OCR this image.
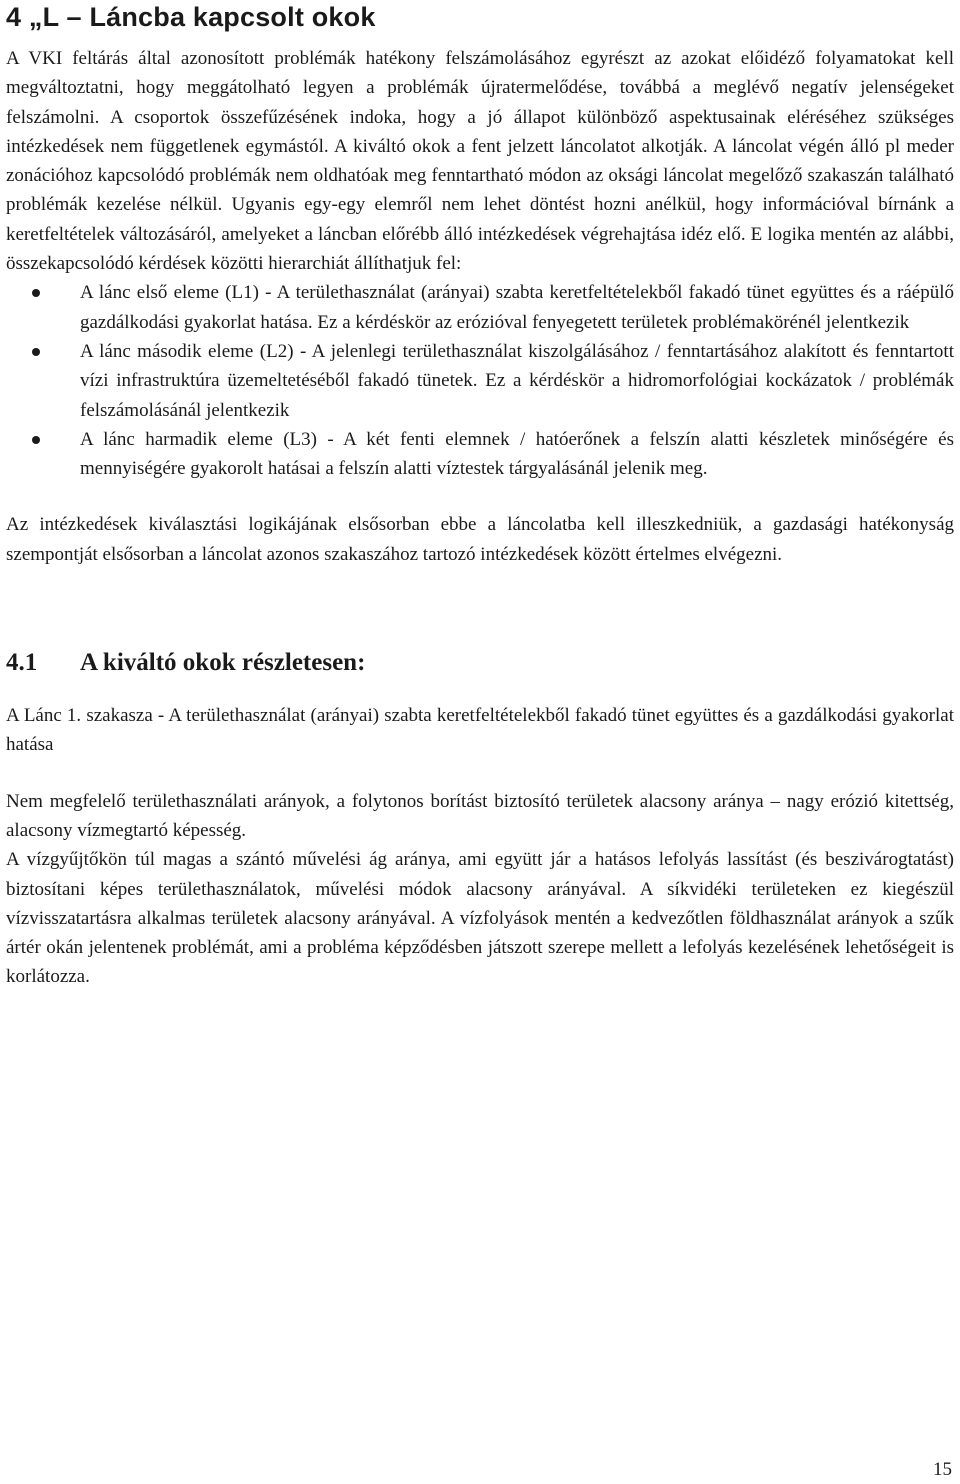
4 „L – Láncba kapcsolt okok

A VKI feltárás által azonosított problémák hatékony felszámolásához egyrészt az azokat előidéző folyamatokat kell megváltoztatni, hogy meggátolható legyen a problémák újratermelődése, továbbá a meglévő negatív jelenségeket felszámolni. A csoportok összefűzésének indoka, hogy a jó állapot különböző aspektusainak eléréséhez szükséges intézkedések nem függetlenek egymástól. A kiváltó okok a fent jelzett láncolatot alkotják. A láncolat végén álló pl meder zonációhoz kapcsolódó problémák nem oldhatóak meg fenntartható módon az oksági láncolat megelőző szakaszán található problémák kezelése nélkül. Ugyanis egy-egy elemről nem lehet döntést hozni anélkül, hogy információval bírnánk a keretfeltételek változásáról, amelyeket a láncban előrébb álló intézkedések végrehajtása idéz elő. E logika mentén az alábbi, összekapcsolódó kérdések közötti hierarchiát állíthatjuk fel:

A lánc első eleme (L1) - A területhasználat (arányai) szabta keretfeltételekből fakadó tünet együttes és a ráépülő gazdálkodási gyakorlat hatása. Ez a kérdéskör az erózióval fenyegetett területek problémakörénél jelentkezik
A lánc második eleme (L2) - A jelenlegi területhasználat kiszolgálásához / fenntartásához alakított és fenntartott vízi infrastruktúra üzemeltetéséből fakadó tünetek. Ez a kérdéskör a hidromorfológiai kockázatok / problémák felszámolásánál jelentkezik
A lánc harmadik eleme (L3) - A két fenti elemnek / hatóerőnek a felszín alatti készletek minőségére és mennyiségére gyakorolt hatásai a felszín alatti víztestek tárgyalásánál jelenik meg.

Az intézkedések kiválasztási logikájának elsősorban ebbe a láncolatba kell illeszkedniük, a gazdasági hatékonyság szempontját elsősorban a láncolat azonos szakaszához tartozó intézkedések között értelmes elvégezni.

4.1 A kiváltó okok részletesen:

A Lánc 1. szakasza - A területhasználat (arányai) szabta keretfeltételekből fakadó tünet együttes és a gazdálkodási gyakorlat hatása

Nem megfelelő területhasználati arányok, a folytonos borítást biztosító területek alacsony aránya – nagy erózió kitettség, alacsony vízmegtartó képesség.

A vízgyűjtőkön túl magas a szántó művelési ág aránya, ami együtt jár a hatásos lefolyás lassítást (és beszivárogtatást) biztosítani képes területhasználatok, művelési módok alacsony arányával. A síkvidéki területeken ez kiegészül vízvisszatartásra alkalmas területek alacsony arányával. A vízfolyások mentén a kedvezőtlen földhasználat arányok a szűk ártér okán jelentenek problémát, ami a probléma képződésben játszott szerepe mellett a lefolyás kezelésének lehetőségeit is korlátozza.

15
